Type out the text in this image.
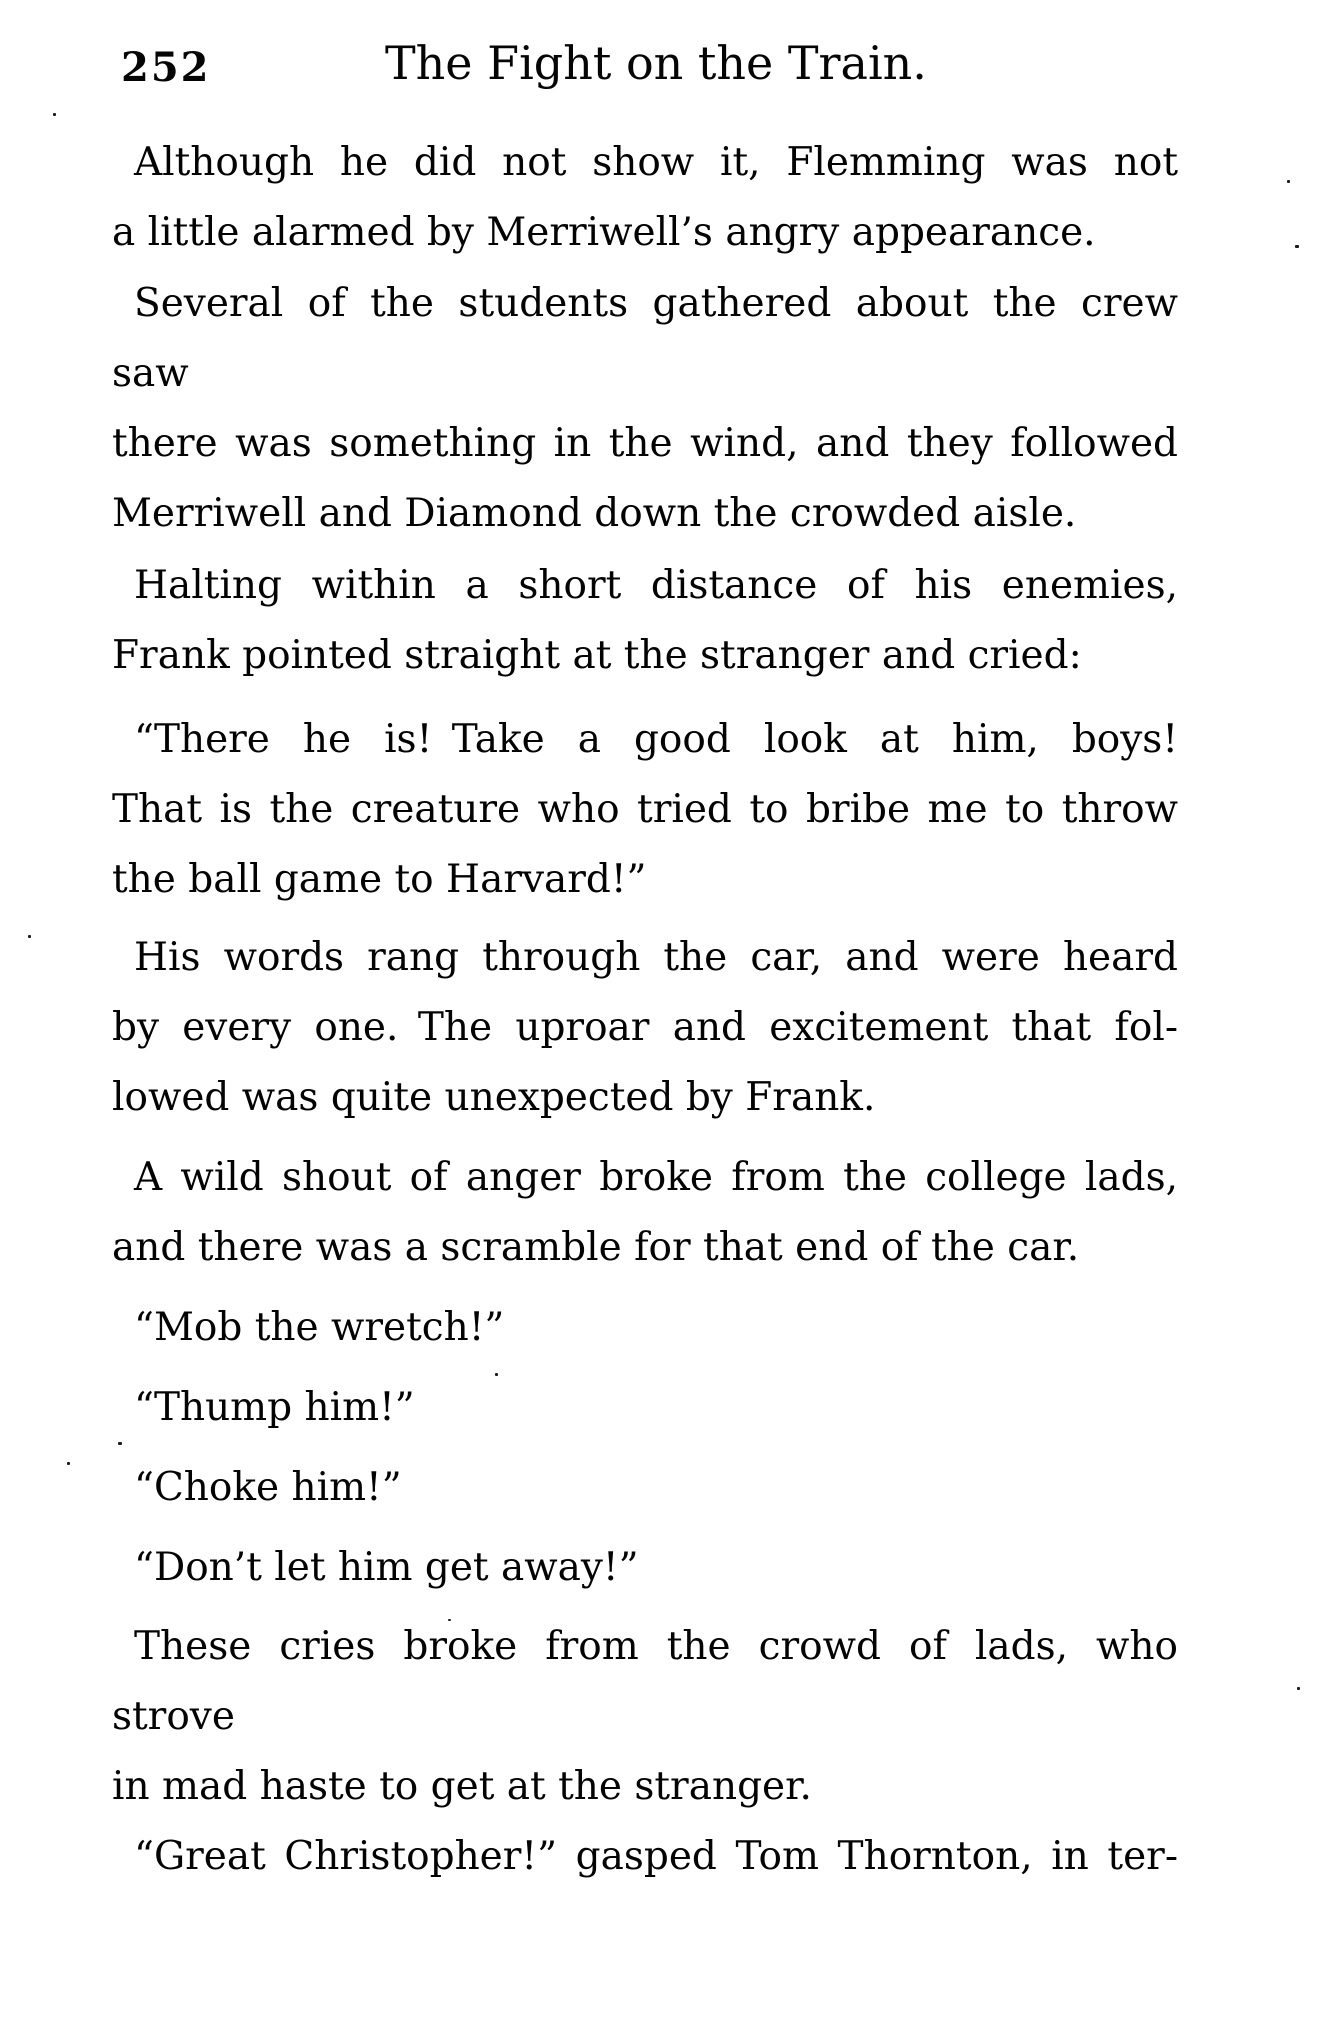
252	The Fight on the Train.
Although he did not show it, Flemming was not
a little alarmed by Merriwell’s angry appearance.
Several of the students gathered about the crew saw
there was something in the wind, and they followed
Merriwell and Diamond down the crowded aisle.
Halting within a short distance of his enemies,
Frank pointed straight at the stranger and cried:
“There he is! Take a good look at him, boys!
That is the creature who tried to bribe me to throw
the ball game to Harvard!”
His words rang through the car, and were heard
by every one. The uproar and excitement that fol-
lowed was quite unexpected by Frank.
A wild shout of anger broke from the college lads,
and there was a scramble for that end of the car.
“Mob the wretch!”
“Thump him!”
“Choke him!”
“Don’t let him get away!”
These cries broke from the crowd of lads, who strove
in mad haste to get at the stranger.
“Great Christopher!” gasped Tom Thornton, in ter-
